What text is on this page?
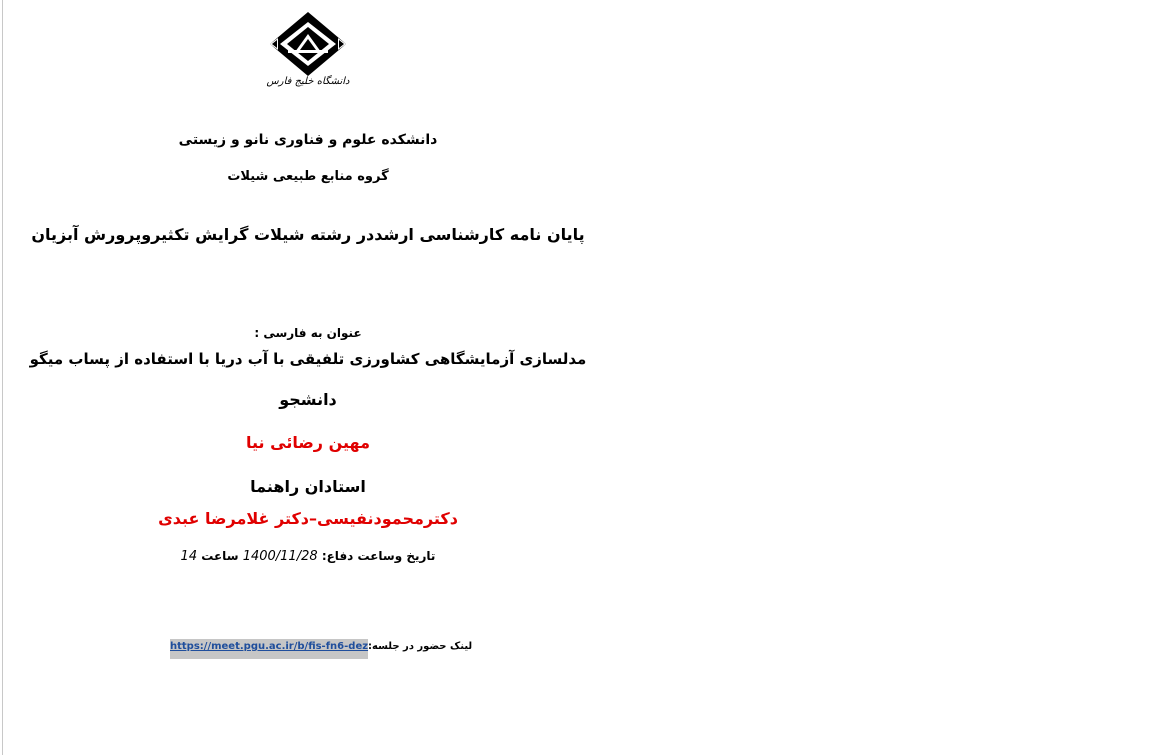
دانشگاه خلیج فارس
دانشکده علوم و فناوری نانو و زیستی
گروه منابع طبیعی شیلات
پایان نامه کارشناسی ارشددر رشته شیلات گرایش تکثیروپرورش آبزیان
عنوان به فارسی :
مدلسازی آزمایشگاهی کشاورزی تلفیقی با آب دریا با استفاده از پساب میگو
دانشجو
مهین رضائی نیا
استادان راهنما
دکترمحمودنفیسی–دکتر غلامرضا عبدی
تاریخ وساعت دفاع: 1400/11/28 ساعت 14
https://meet.pgu.ac.ir/b/fis-fn6-dezلینک حضور در جلسه:
